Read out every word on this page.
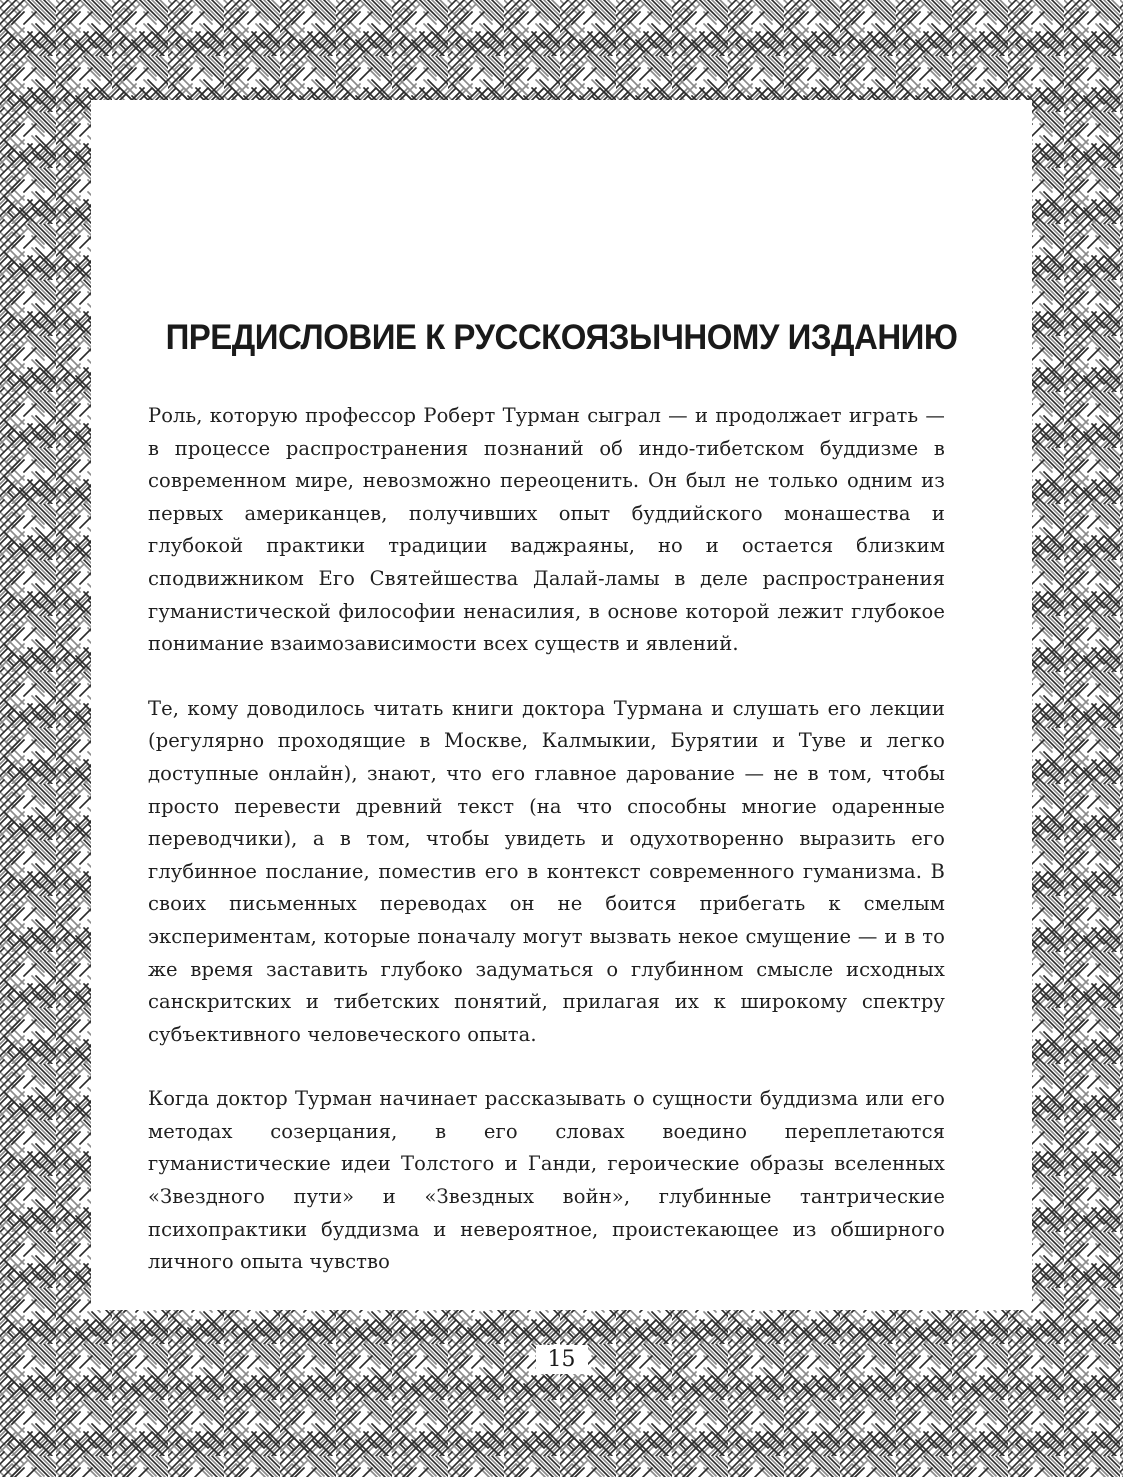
ПРЕДИСЛОВИЕ К РУССКОЯЗЫЧНОМУ ИЗДАНИЮ

Роль, которую профессор Роберт Турман сыграл — и продолжает играть — в процессе распространения познаний об индо-тибетском буддизме в современном мире, невозможно переоценить. Он был не только одним из первых американцев, получивших опыт буддийского монашества и глубокой практики традиции ваджраяны, но и остается близким сподвижником Его Святейшества Далай-ламы в деле распространения гуманистической философии ненасилия, в основе которой лежит глубокое понимание взаимозависимости всех существ и явлений.

Те, кому доводилось читать книги доктора Турмана и слушать его лекции (регулярно проходящие в Москве, Калмыкии, Бурятии и Туве и легко доступные онлайн), знают, что его главное дарование — не в том, чтобы просто перевести древний текст (на что способны многие одаренные переводчики), а в том, чтобы увидеть и одухотворенно выразить его глубинное послание, поместив его в контекст современного гуманизма. В своих письменных переводах он не боится прибегать к смелым экспериментам, которые поначалу могут вызвать некое смущение — и в то же время заставить глубоко задуматься о глубинном смысле исходных санскритских и тибетских понятий, прилагая их к широкому спектру субъективного человеческого опыта.

Когда доктор Турман начинает рассказывать о сущности буддизма или его методах созерцания, в его словах воедино переплетаются гуманистические идеи Толстого и Ганди, героические образы вселенных «Звездного пути» и «Звездных войн», глубинные тантрические психопрактики буддизма и невероятное, проистекающее из обширного личного опыта чувство

15
